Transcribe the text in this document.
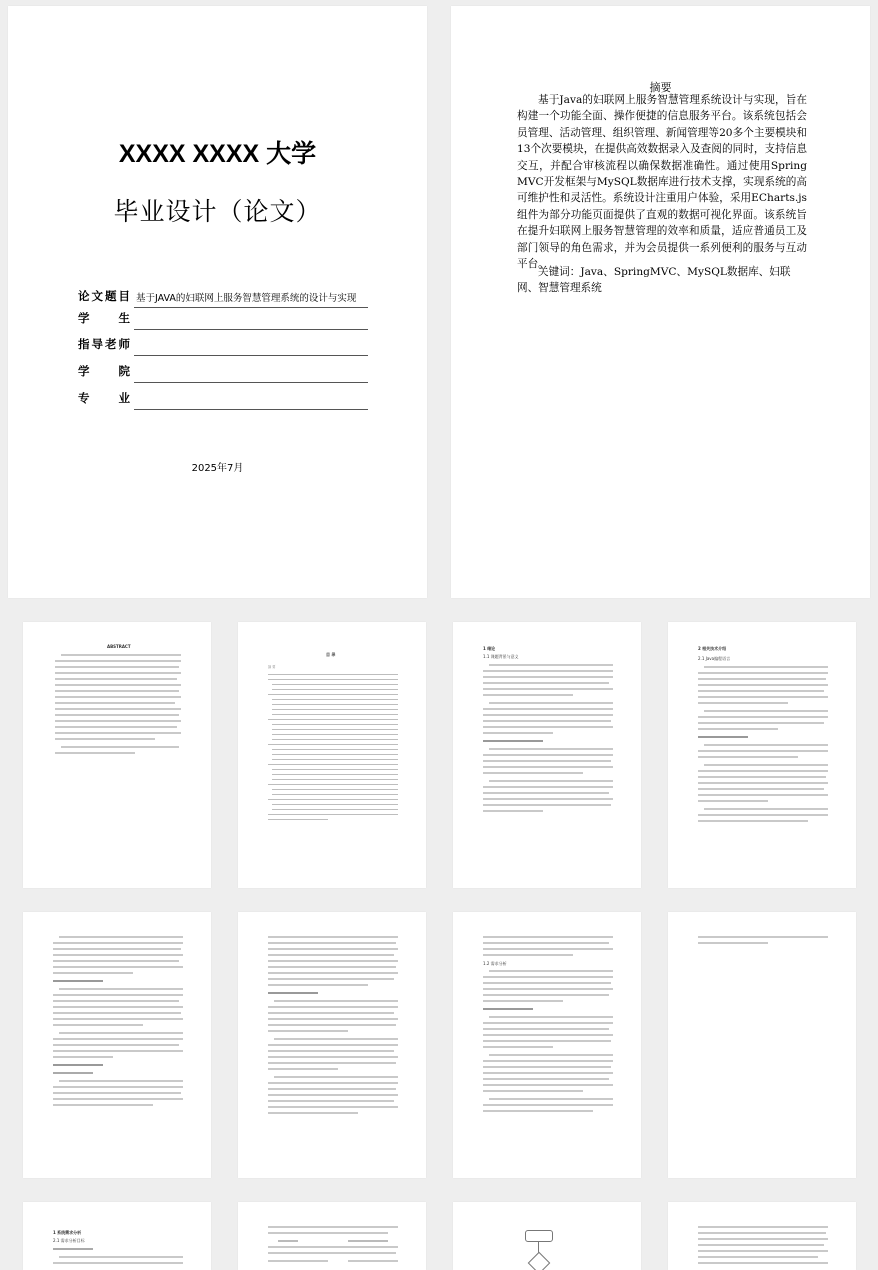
XXXX XXXX 大学
毕业设计（论文）
论文题目 基于JAVA的妇联网上服务智慧管理系统的设计与实现
学生
指导老师
学院
专业
2025年7月
摘要
基于Java的妇联网上服务智慧管理系统设计与实现，旨在构建一个功能全面、操作便捷的信息服务平台。该系统包括会员管理、活动管理、组织管理、新闻管理等20多个主要模块和13个次要模块，在提供高效数据录入及查阅的同时，支持信息交互，并配合审核流程以确保数据准确性。通过使用Spring MVC开发框架与MySQL数据库进行技术支撑，实现系统的高可维护性和灵活性。系统设计注重用户体验，采用ECharts.js组件为部分功能页面提供了直观的数据可视化界面。该系统旨在提升妇联网上服务智慧管理的效率和质量，适应普通员工及部门领导的角色需求，并为会员提供一系列便利的服务与互动平台。
关键词：Java、SpringMVC、MySQL数据库、妇联网、智慧管理系统
ABSTRACT
目 录
摘 要
1 绪论
1.1 课题背景与意义
2 相关技术介绍
2.1 Java编程语言
1.2 需求分析
1 系统需求分析
2.1 需求分析目标
